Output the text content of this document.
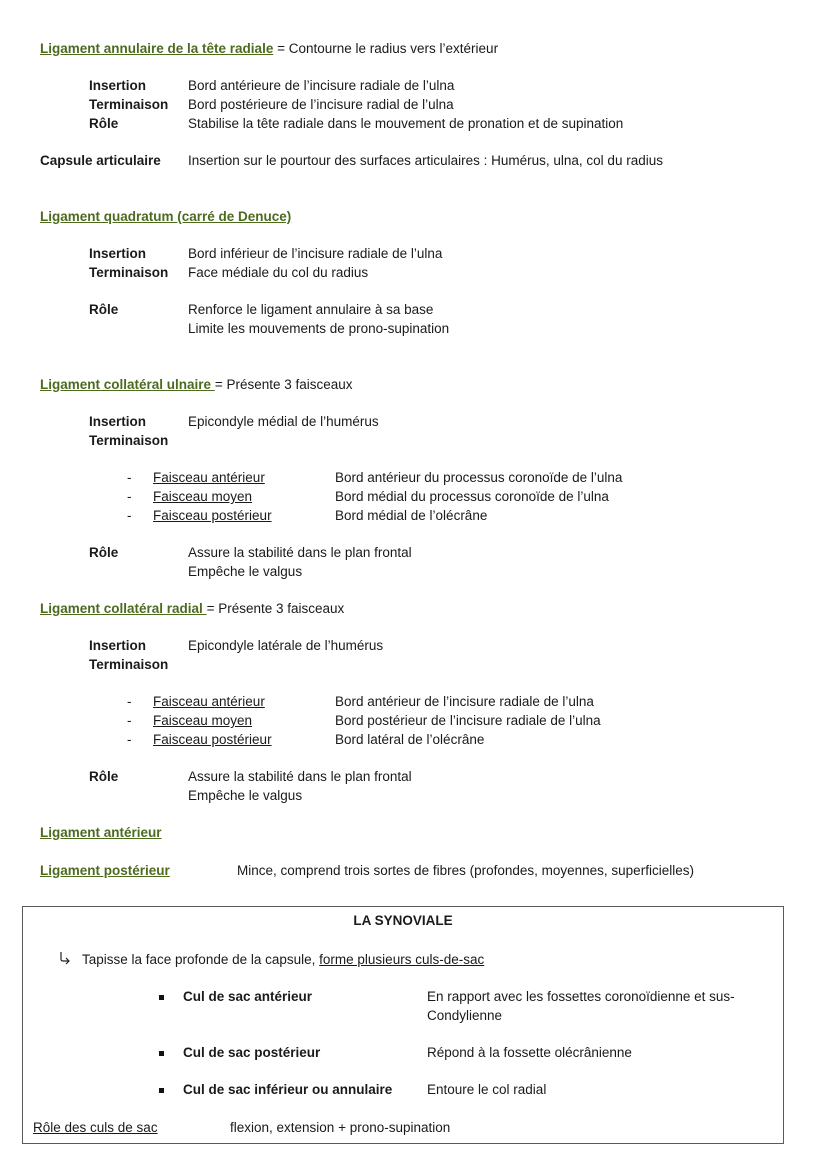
Ligament annulaire de la tête radiale = Contourne le radius vers l’extérieur
Insertion	Bord antérieure de l’incisure radiale de l’ulna
Terminaison Bord postérieure de l’incisure radial de l’ulna
Rôle	Stabilise la tête radiale dans le mouvement de pronation et de supination
Capsule articulaire Insertion sur le pourtour des surfaces articulaires : Humérus, ulna, col du radius
Ligament quadratum (carré de Denuce)
Insertion	Bord inférieur de l’incisure radiale de l’ulna
Terminaison Face médiale du col du radius
Rôle	Renforce le ligament annulaire à sa base
Limite les mouvements de prono-supination
Ligament collatéral ulnaire = Présente 3 faisceaux
Insertion	Epicondyle médial de l’humérus
Terminaison
- Faisceau antérieur	Bord antérieur du processus coronoïde de l’ulna
- Faisceau moyen	Bord médial du processus coronoïde de l’ulna
- Faisceau postérieur	Bord médial de l’olécrâne
Rôle	Assure la stabilité dans le plan frontal
Empêche le valgus
Ligament collatéral radial = Présente 3 faisceaux
Insertion	Epicondyle latérale de l’humérus
Terminaison
- Faisceau antérieur	Bord antérieur de l’incisure radiale de l’ulna
- Faisceau moyen	Bord postérieur de l’incisure radiale de l’ulna
- Faisceau postérieur	Bord latéral de l’olécrâne
Rôle	Assure la stabilité dans le plan frontal
Empêche le valgus
Ligament antérieur
Ligament postérieur	Mince, comprend trois sortes de fibres (profondes, moyennes, superficielles)
LA SYNOVIALE
Tapisse la face profonde de la capsule, forme plusieurs culs-de-sac
Cul de sac antérieur	En rapport avec les fossettes coronoïdienne et sus-
Condylienne
Cul de sac postérieur	Répond à la fossette olécrânienne
Cul de sac inférieur ou annulaire	Entoure le col radial
Rôle des culs de sac	flexion, extension + prono-supination
